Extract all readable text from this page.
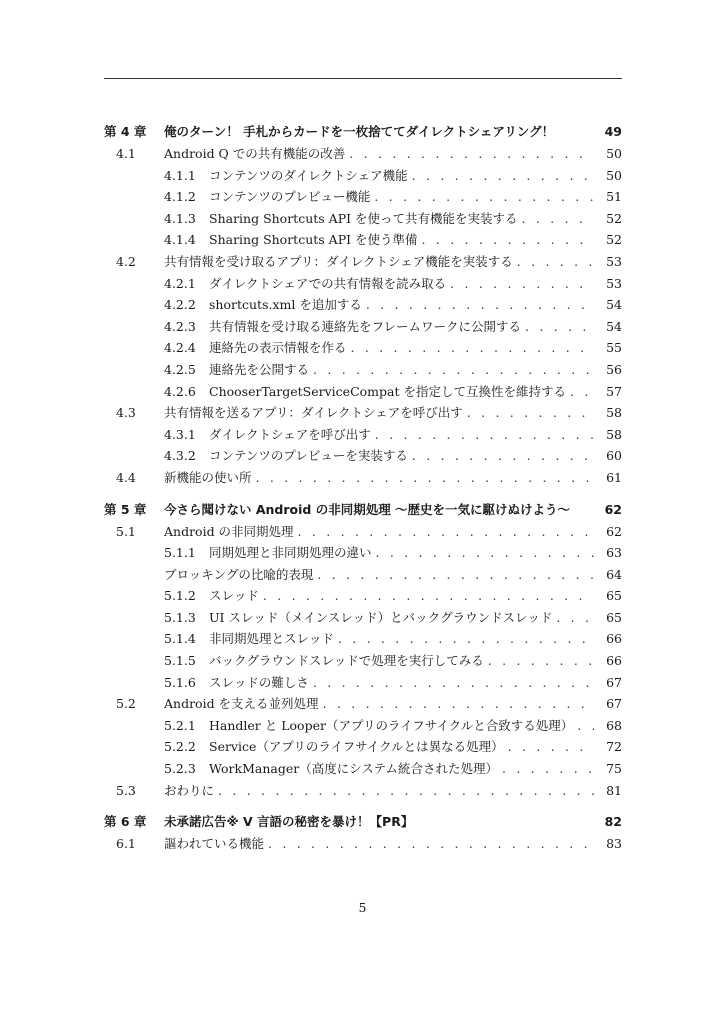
第 4 章	俺のターン！ 手札からカードを一枚捨ててダイレクトシェアリング！	49
4.1	Android Q での共有機能の改善 . . .	50
4.1.1	コンテンツのダイレクトシェア機能 . . .	50
4.1.2	コンテンツのプレビュー機能 . . .	51
4.1.3	Sharing Shortcuts API を使って共有機能を実装する . . .	52
4.1.4	Sharing Shortcuts API を使う準備 . . .	52
4.2	共有情報を受け取るアプリ：ダイレクトシェア機能を実装する . . .	53
4.2.1	ダイレクトシェアでの共有情報を読み取る . . .	53
4.2.2	shortcuts.xml を追加する . . .	54
4.2.3	共有情報を受け取る連絡先をフレームワークに公開する . . .	54
4.2.4	連絡先の表示情報を作る . . .	55
4.2.5	連絡先を公開する . . .	56
4.2.6	ChooserTargetServiceCompat を指定して互換性を維持する . . .	57
4.3	共有情報を送るアプリ：ダイレクトシェアを呼び出す . . .	58
4.3.1	ダイレクトシェアを呼び出す . . .	58
4.3.2	コンテンツのプレビューを実装する . . .	60
4.4	新機能の使い所 . . .	61
第 5 章	今さら聞けない Android の非同期処理 〜歴史を一気に駆けぬけよう〜	62
5.1	Android の非同期処理 . . .	62
5.1.1	同期処理と非同期処理の違い . . .	63
ブロッキングの比喩的表現 . . .	64
5.1.2	スレッド . . .	65
5.1.3	UI スレッド（メインスレッド）とバックグラウンドスレッド . . .	65
5.1.4	非同期処理とスレッド . . .	66
5.1.5	バックグラウンドスレッドで処理を実行してみる . . .	66
5.1.6	スレッドの難しさ . . .	67
5.2	Android を支える並列処理 . . .	67
5.2.1	Handler と Looper（アプリのライフサイクルと合致する処理） . . .	68
5.2.2	Service（アプリのライフサイクルとは異なる処理） . . .	72
5.2.3	WorkManager（高度にシステム統合された処理） . . .	75
5.3	おわりに . . .	81
第 6 章	未承諾広告※ V 言語の秘密を暴け！【PR】	82
6.1	謳われている機能 . . .	83
5
